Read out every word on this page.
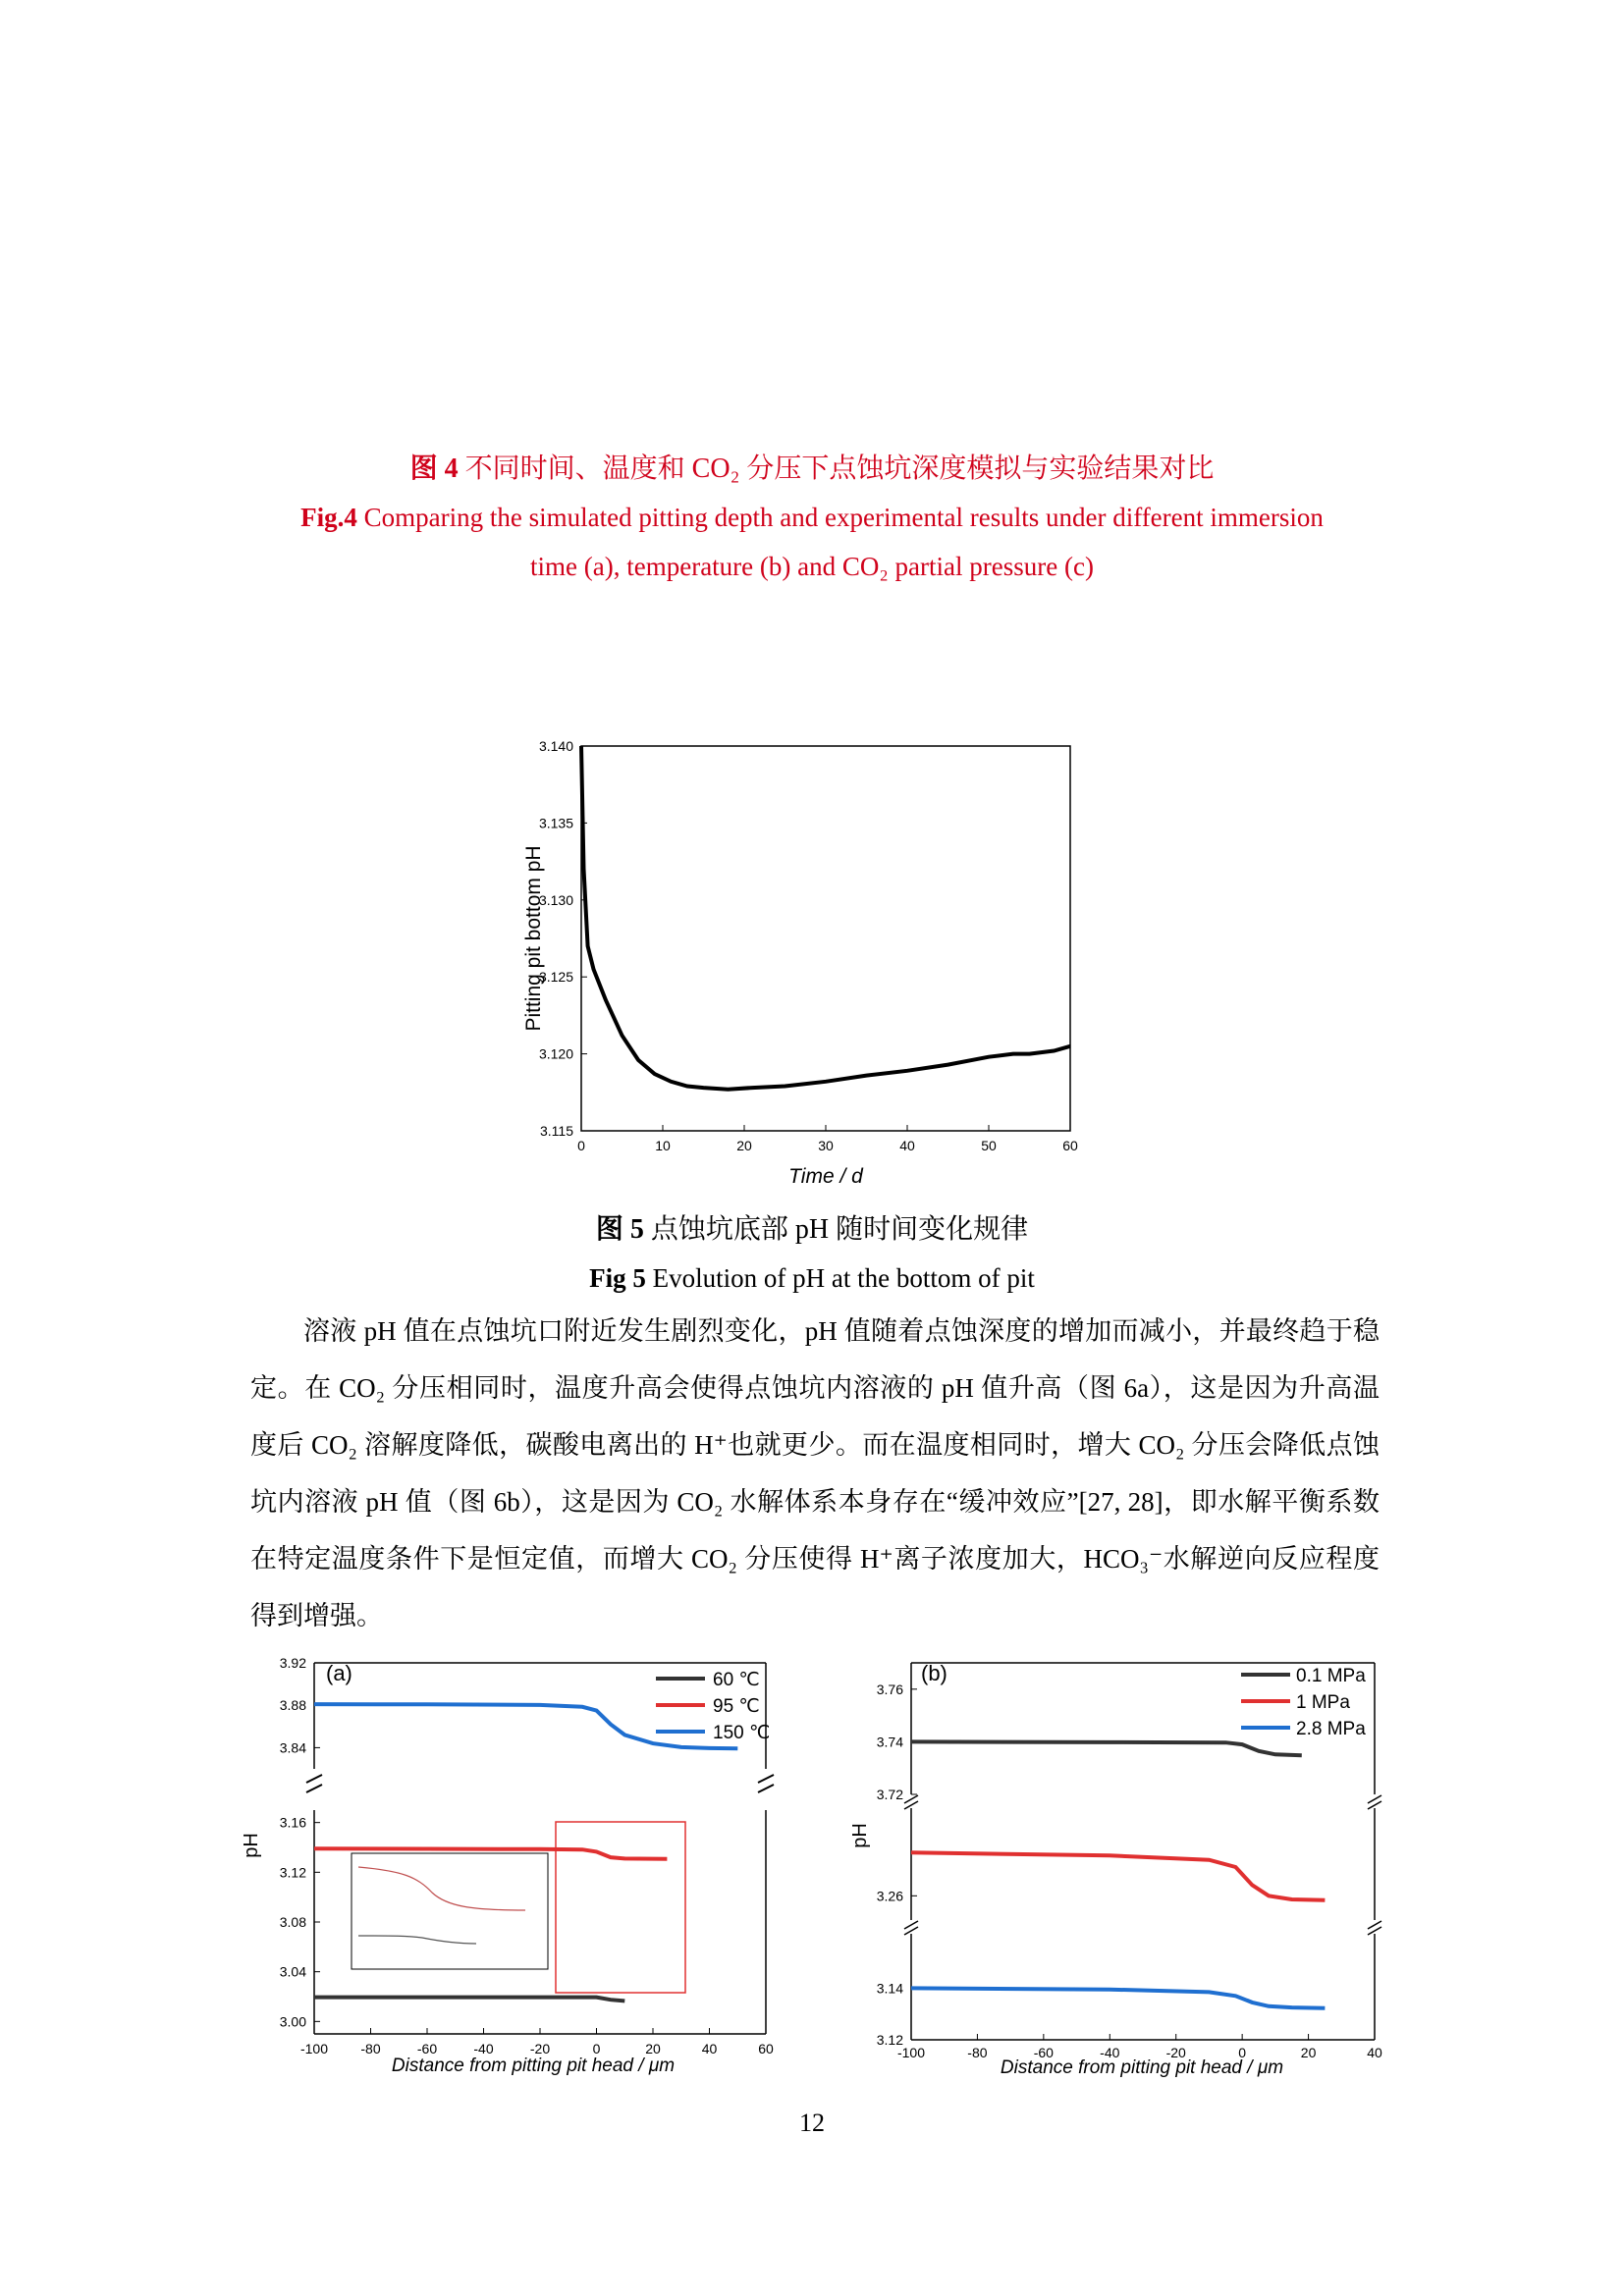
图 4 不同时间、温度和 CO₂ 分压下点蚀坑深度模拟与实验结果对比
Fig.4 Comparing the simulated pitting depth and experimental results under different immersion
time (a), temperature (b) and CO₂ partial pressure (c)
3.115
3.120
3.125
3.130
3.135
3.140
0	10	20	30	40	50	60
Pitting pit bottom pH
Time / d
图 5 点蚀坑底部 pH 随时间变化规律
Fig 5 Evolution of pH at the bottom of pit

溶液 pH 值在点蚀坑口附近发生剧烈变化，pH 值随着点蚀深度的增加而减小，并最终趋于稳定。在 CO₂ 分压相同时，温度升高会使得点蚀坑内溶液的 pH 值升高（图 6a），这是因为升高温度后 CO₂ 溶解度降低，碳酸电离出的 H⁺也就更少。而在温度相同时，增大 CO₂ 分压会降低点蚀坑内溶液 pH 值（图 6b），这是因为 CO₂ 水解体系本身存在“缓冲效应”[27, 28]，即水解平衡系数在特定温度条件下是恒定值，而增大 CO₂ 分压使得 H⁺离子浓度加大，HCO₃⁻水解逆向反应程度得到增强。

3.84
3.88
3.92
3.00
3.04
3.08
3.12
3.16
-100 -80	-60	-40	-20	0	20	40	60
(a)	60 ℃
95 ℃
150 ℃
pH
Distance from pitting pit head / μm
3.72
3.74
3.76
3.26
3.12
3.14
-100	-80	-60	-40	-20	0	20	40
(b)	0.1 MPa
1 MPa
2.8 MPa
pH
Distance from pitting pit head / μm
12
